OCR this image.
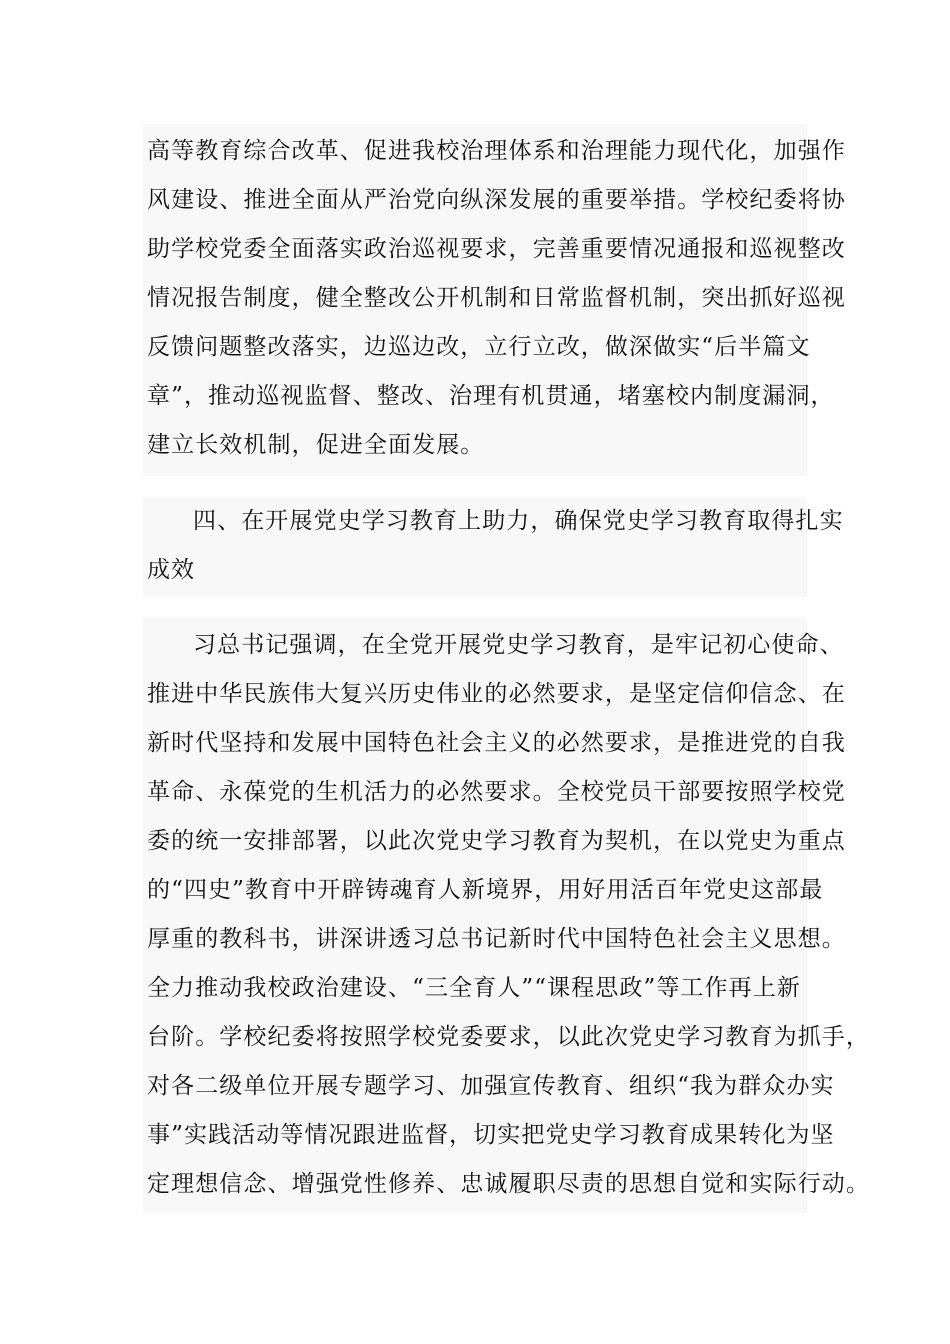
高等教育综合改革、促进我校治理体系和治理能力现代化，加强作
风建设、推进全面从严治党向纵深发展的重要举措。学校纪委将协
助学校党委全面落实政治巡视要求，完善重要情况通报和巡视整改
情况报告制度，健全整改公开机制和日常监督机制，突出抓好巡视
反馈问题整改落实，边巡边改，立行立改，做深做实“后半篇文
章”，推动巡视监督、整改、治理有机贯通，堵塞校内制度漏洞，
建立长效机制，促进全面发展。
四、在开展党史学习教育上助力，确保党史学习教育取得扎实
成效
习总书记强调，在全党开展党史学习教育，是牢记初心使命、
推进中华民族伟大复兴历史伟业的必然要求，是坚定信仰信念、在
新时代坚持和发展中国特色社会主义的必然要求，是推进党的自我
革命、永葆党的生机活力的必然要求。全校党员干部要按照学校党
委的统一安排部署，以此次党史学习教育为契机，在以党史为重点
的“四史”教育中开辟铸魂育人新境界，用好用活百年党史这部最
厚重的教科书，讲深讲透习总书记新时代中国特色社会主义思想。
全力推动我校政治建设、“三全育人”“课程思政”等工作再上新
台阶。学校纪委将按照学校党委要求，以此次党史学习教育为抓手，
对各二级单位开展专题学习、加强宣传教育、组织“我为群众办实
事”实践活动等情况跟进监督，切实把党史学习教育成果转化为坚
定理想信念、增强党性修养、忠诚履职尽责的思想自觉和实际行动。
